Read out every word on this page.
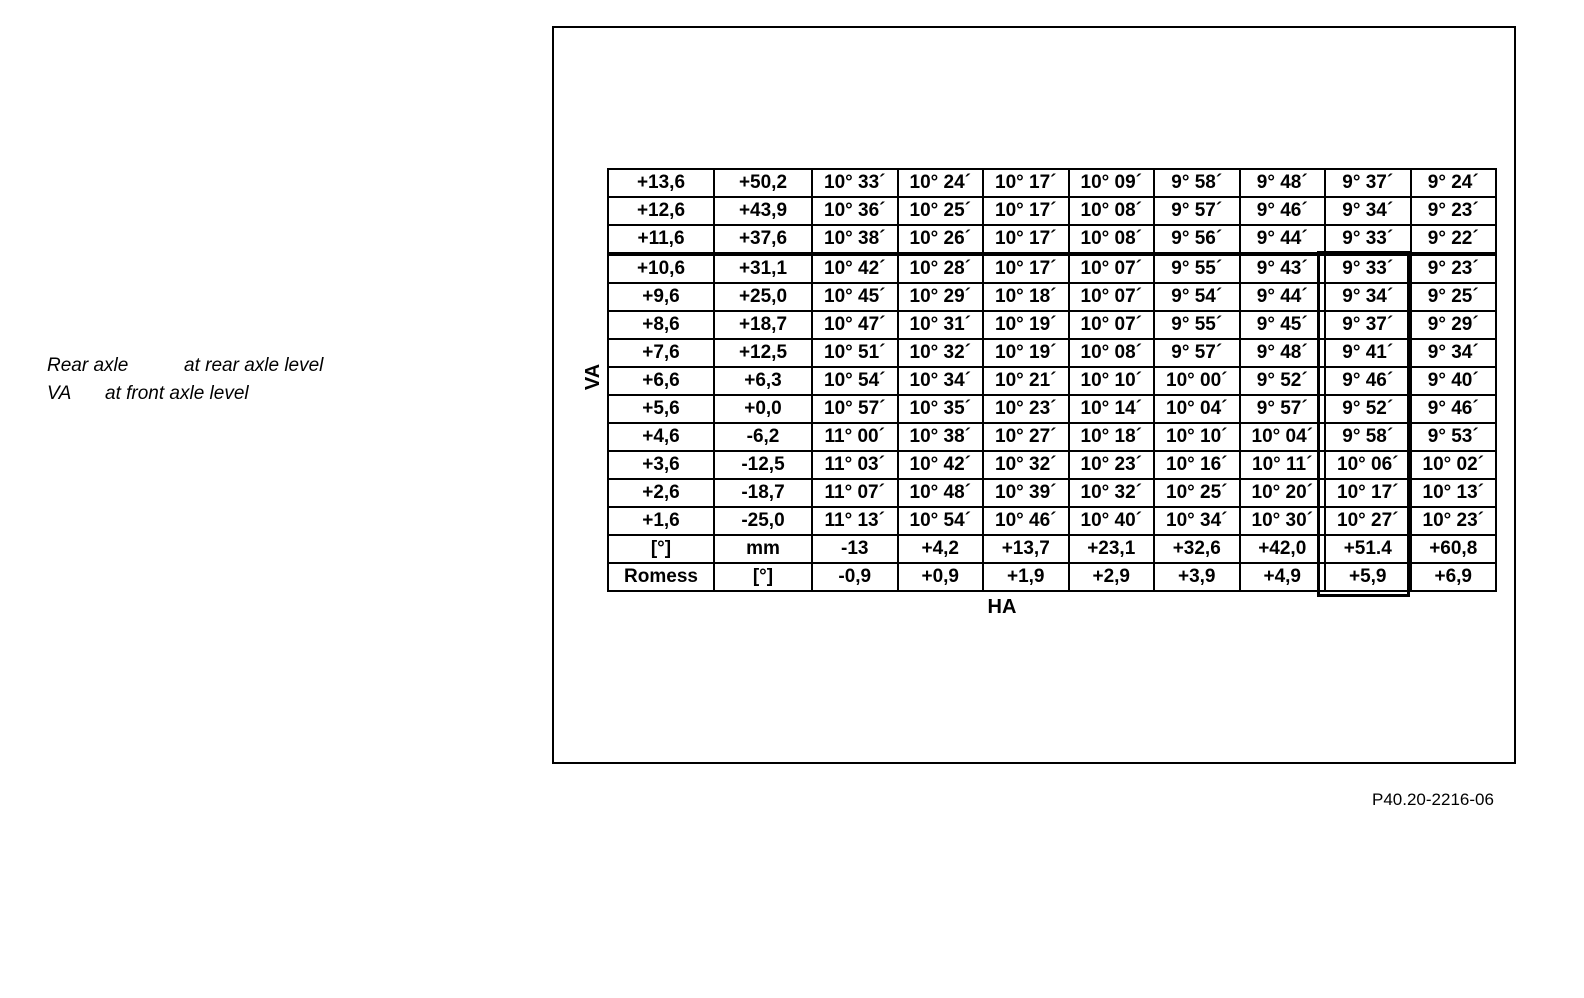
Rear axle	at rear axle level
VA at front axle level
VA
+13,6	+50,2	10° 33´	10° 24´	10° 17´	10° 09´	9° 58´	9° 48´	9° 37´	9° 24´
+12,6	+43,9	10° 36´	10° 25´	10° 17´	10° 08´	9° 57´	9° 46´	9° 34´	9° 23´
+11,6	+37,6	10° 38´	10° 26´	10° 17´	10° 08´	9° 56´	9° 44´	9° 33´	9° 22´
+10,6	+31,1	10° 42´	10° 28´	10° 17´	10° 07´	9° 55´	9° 43´	9° 33´	9° 23´
+9,6	+25,0	10° 45´	10° 29´	10° 18´	10° 07´	9° 54´	9° 44´	9° 34´	9° 25´
+8,6	+18,7	10° 47´	10° 31´	10° 19´	10° 07´	9° 55´	9° 45´	9° 37´	9° 29´
+7,6	+12,5	10° 51´	10° 32´	10° 19´	10° 08´	9° 57´	9° 48´	9° 41´	9° 34´
+6,6	+6,3	10° 54´	10° 34´	10° 21´	10° 10´	10° 00´	9° 52´	9° 46´	9° 40´
+5,6	+0,0	10° 57´	10° 35´	10° 23´	10° 14´	10° 04´	9° 57´	9° 52´	9° 46´
+4,6	-6,2	11° 00´	10° 38´	10° 27´	10° 18´	10° 10´	10° 04´	9° 58´	9° 53´
+3,6	-12,5	11° 03´	10° 42´	10° 32´	10° 23´	10° 16´	10° 11´	10° 06´	10° 02´
+2,6	-18,7	11° 07´	10° 48´	10° 39´	10° 32´	10° 25´	10° 20´	10° 17´	10° 13´
+1,6	-25,0	11° 13´	10° 54´	10° 46´	10° 40´	10° 34´	10° 30´	10° 27´	10° 23´
[°]	mm	-13	+4,2	+13,7	+23,1	+32,6	+42,0	+51.4	+60,8
Romess	[°]	-0,9	+0,9	+1,9	+2,9	+3,9	+4,9	+5,9	+6,9
HA
P40.20-2216-06
